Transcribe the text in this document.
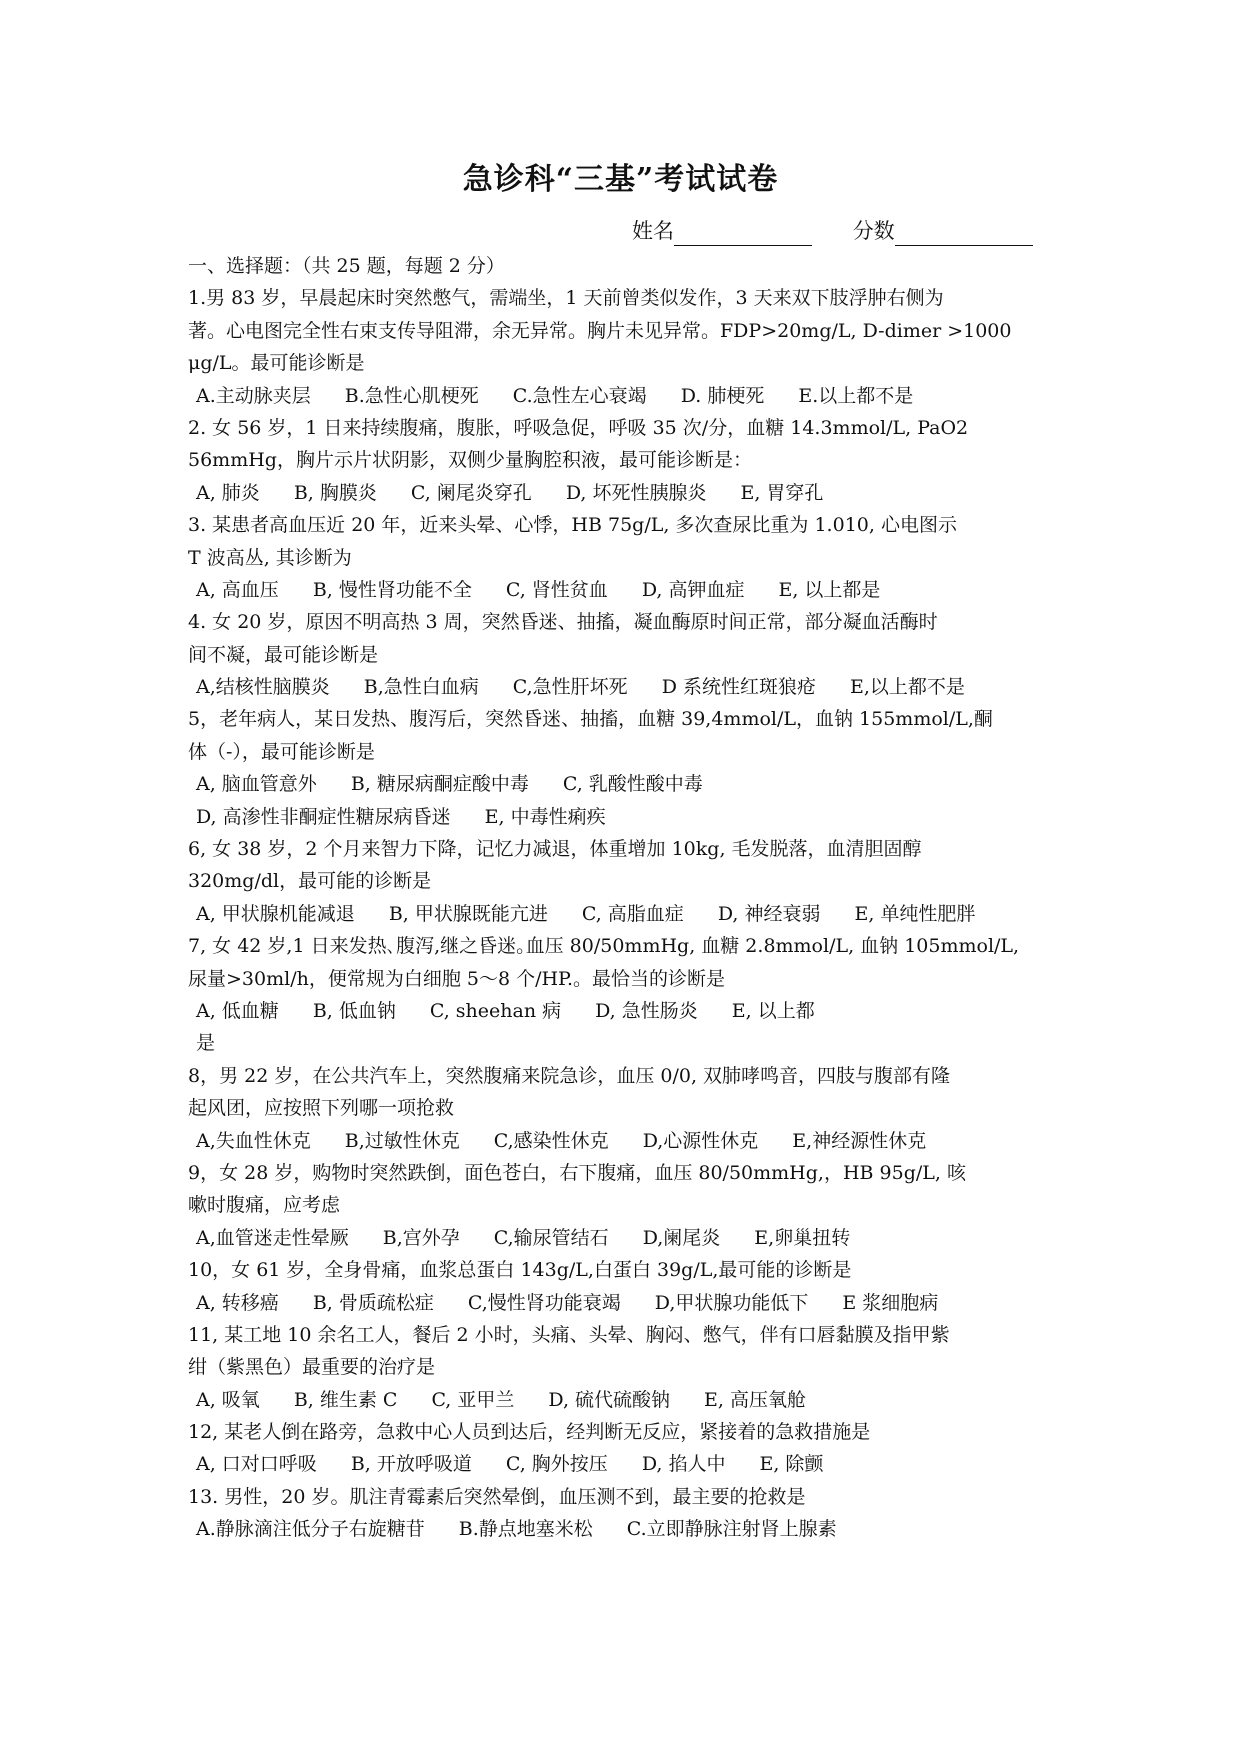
急诊科“三基”考试试卷
姓名	分数
一、选择题：（共 25 题，每题 2 分）
1.男 83 岁，早晨起床时突然憋气，需端坐，1 天前曾类似发作，3 天来双下肢浮肿右侧为
著。心电图完全性右束支传导阻滞，余无异常。胸片未见异常。FDP>20mg/L, D-dimer >1000
μg/L。最可能诊断是
A.主动脉夹层 B.急性心肌梗死 C.急性左心衰竭 D. 肺梗死 E.以上都不是
2. 女 56 岁，1 日来持续腹痛，腹胀，呼吸急促，呼吸 35 次/分，血糖 14.3mmol/L, PaO2
56mmHg，胸片示片状阴影，双侧少量胸腔积液，最可能诊断是：
A, 肺炎 B, 胸膜炎 C, 阑尾炎穿孔 D, 坏死性胰腺炎 E, 胃穿孔
3. 某患者高血压近 20 年，近来头晕、心悸，HB 75g/L, 多次查尿比重为 1.010, 心电图示
T 波高丛, 其诊断为
A, 高血压 B, 慢性肾功能不全 C, 肾性贫血 D, 高钾血症 E, 以上都是
4. 女 20 岁，原因不明高热 3 周，突然昏迷、抽搐，凝血酶原时间正常，部分凝血活酶时
间不凝，最可能诊断是
A,结核性脑膜炎 B,急性白血病 C,急性肝坏死 D 系统性红斑狼疮 E,以上都不是
5，老年病人，某日发热、腹泻后，突然昏迷、抽搐，血糖 39,4mmol/L，血钠 155mmol/L,酮
体（-），最可能诊断是
A, 脑血管意外 B, 糖尿病酮症酸中毒 C, 乳酸性酸中毒
D, 高渗性非酮症性糖尿病昏迷 E, 中毒性痢疾
6, 女 38 岁，2 个月来智力下降，记忆力减退，体重增加 10kg, 毛发脱落，血清胆固醇
320mg/dl，最可能的诊断是
A, 甲状腺机能减退 B, 甲状腺既能亢进 C, 高脂血症 D, 神经衰弱 E, 单纯性肥胖
7, 女 42 岁,1 日来发热､腹泻,继之昏迷｡血压 80/50mmHg, 血糖 2.8mmol/L, 血钠 105mmol/L,
尿量>30ml/h，便常规为白细胞 5～8 个/HP.。最恰当的诊断是
A, 低血糖 B, 低血钠 C, sheehan 病 D, 急性肠炎 E, 以上都
是
8，男 22 岁，在公共汽车上，突然腹痛来院急诊，血压 0/0, 双肺哮鸣音，四肢与腹部有隆
起风团，应按照下列哪一项抢救
A,失血性休克 B,过敏性休克 C,感染性休克 D,心源性休克 E,神经源性休克
9，女 28 岁，购物时突然跌倒，面色苍白，右下腹痛，血压 80/50mmHg,，HB 95g/L, 咳
嗽时腹痛，应考虑
A,血管迷走性晕厥 B,宫外孕 C,输尿管结石 D,阑尾炎 E,卵巢扭转
10，女 61 岁，全身骨痛，血浆总蛋白 143g/L,白蛋白 39g/L,最可能的诊断是
A, 转移癌 B, 骨质疏松症 C,慢性肾功能衰竭 D,甲状腺功能低下 E 浆细胞病
11, 某工地 10 余名工人，餐后 2 小时，头痛、头晕、胸闷、憋气，伴有口唇黏膜及指甲紫
绀（紫黑色）最重要的治疗是
A, 吸氧 B, 维生素 C C, 亚甲兰 D, 硫代硫酸钠 E, 高压氧舱
12, 某老人倒在路旁，急救中心人员到达后，经判断无反应，紧接着的急救措施是
A, 口对口呼吸 B, 开放呼吸道 C, 胸外按压 D, 掐人中 E, 除颤
13. 男性，20 岁。肌注青霉素后突然晕倒，血压测不到，最主要的抢救是
A.静脉滴注低分子右旋糖苷 B.静点地塞米松 C.立即静脉注射肾上腺素
